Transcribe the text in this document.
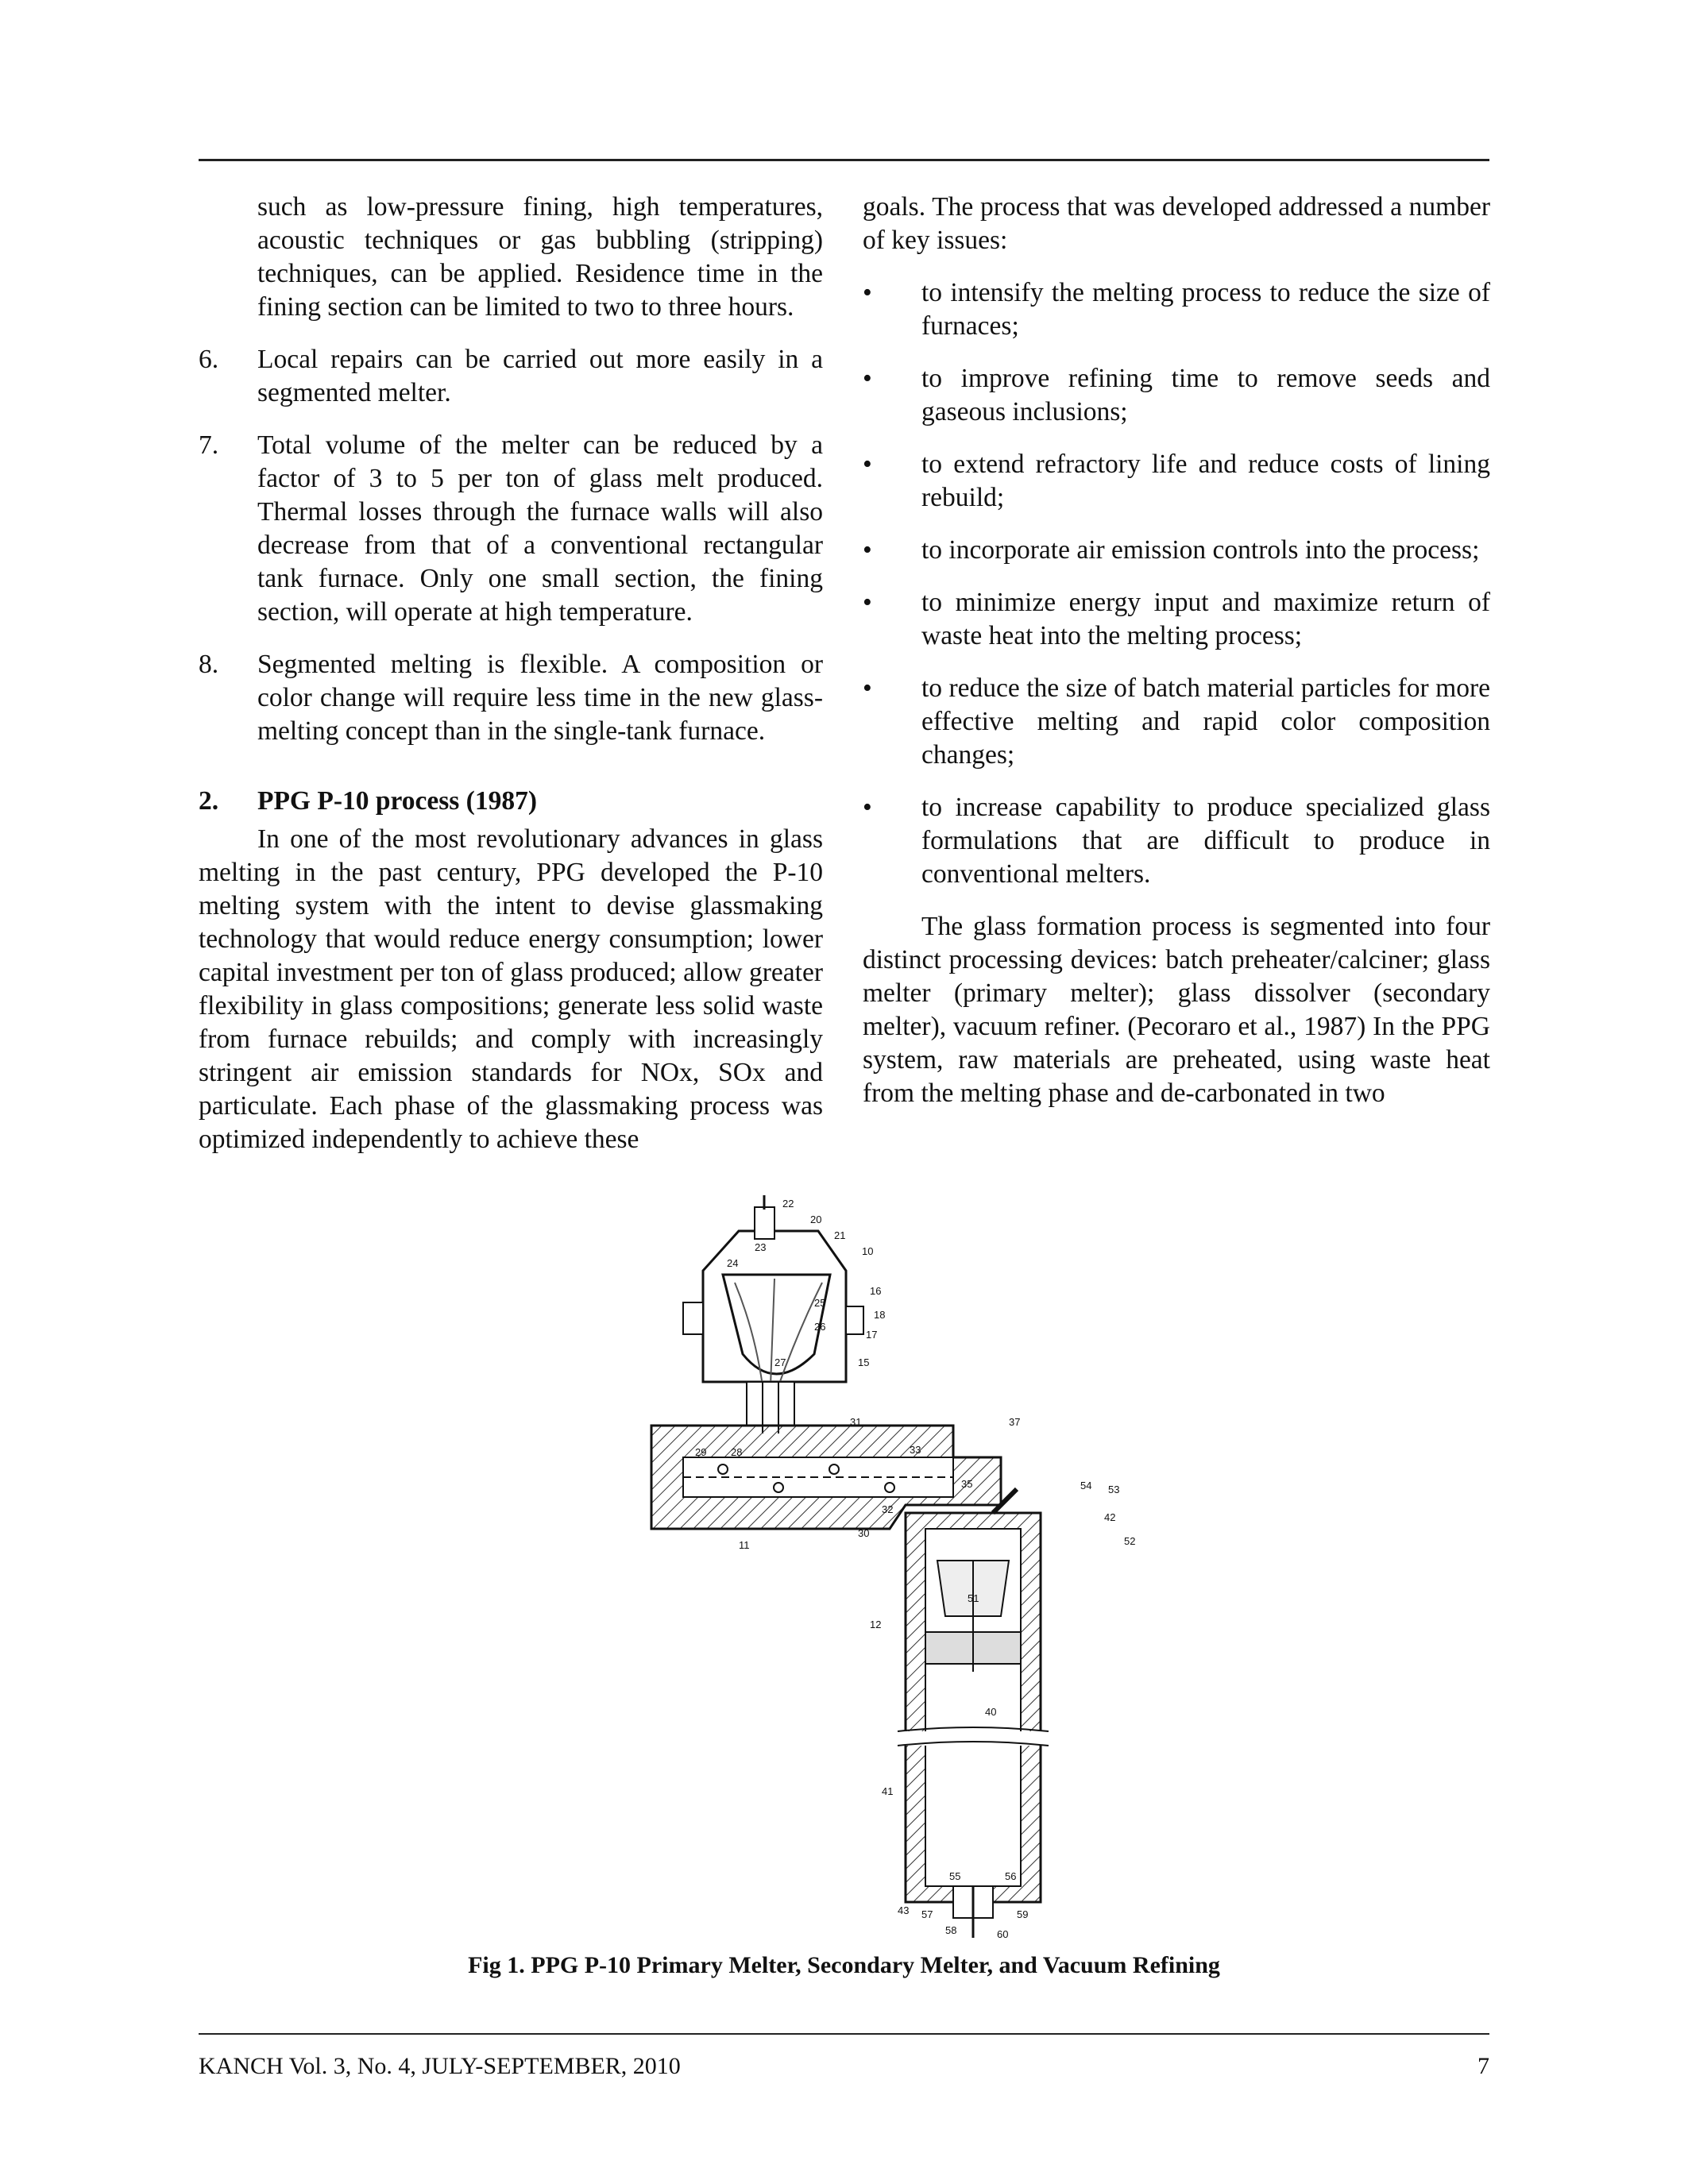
such as low-pressure fining, high temperatures, acoustic techniques or gas bubbling (stripping) techniques, can be applied. Residence time in the fining section can be limited to two to three hours.

6. Local repairs can be carried out more easily in a segmented melter.

7. Total volume of the melter can be reduced by a factor of 3 to 5 per ton of glass melt produced. Thermal losses through the furnace walls will also decrease from that of a conventional rectangular tank furnace. Only one small section, the fining section, will operate at high temperature.

8. Segmented melting is flexible. A composition or color change will require less time in the new glass-melting concept than in the single-tank furnace.

2. PPG P-10 process (1987)

In one of the most revolutionary advances in glass melting in the past century, PPG developed the P-10 melting system with the intent to devise glassmaking technology that would reduce energy consumption; lower capital investment per ton of glass produced; allow greater flexibility in glass compositions; generate less solid waste from furnace rebuilds; and comply with increasingly stringent air emission standards for NOx, SOx and particulate. Each phase of the glassmaking process was optimized independently to achieve these

goals. The process that was developed addressed a number of key issues:

• to intensify the melting process to reduce the size of furnaces;
• to improve refining time to remove seeds and gaseous inclusions;
• to extend refractory life and reduce costs of lining rebuild;
• to incorporate air emission controls into the process;
• to minimize energy input and maximize return of waste heat into the melting process;
• to reduce the size of batch material particles for more effective melting and rapid color composition changes;
• to increase capability to produce specialized glass formulations that are difficult to produce in conventional melters.

The glass formation process is segmented into four distinct processing devices: batch preheater/calciner; glass melter (primary melter); glass dissolver (secondary melter), vacuum refiner. (Pecoraro et al., 1987) In the PPG system, raw materials are preheated, using waste heat from the melting phase and de-carbonated in two

22
20
23
21
10
24
16
18
25
17
26
27	15
31	37
29 28	33
54 53
35
32
42
52
30
11
12
51
40
41
55	56
43 57
58
59
60
Fig 1. PPG P-10 Primary Melter, Secondary Melter, and Vacuum Refining
KANCH Vol. 3, No. 4, JULY-SEPTEMBER, 2010	7
